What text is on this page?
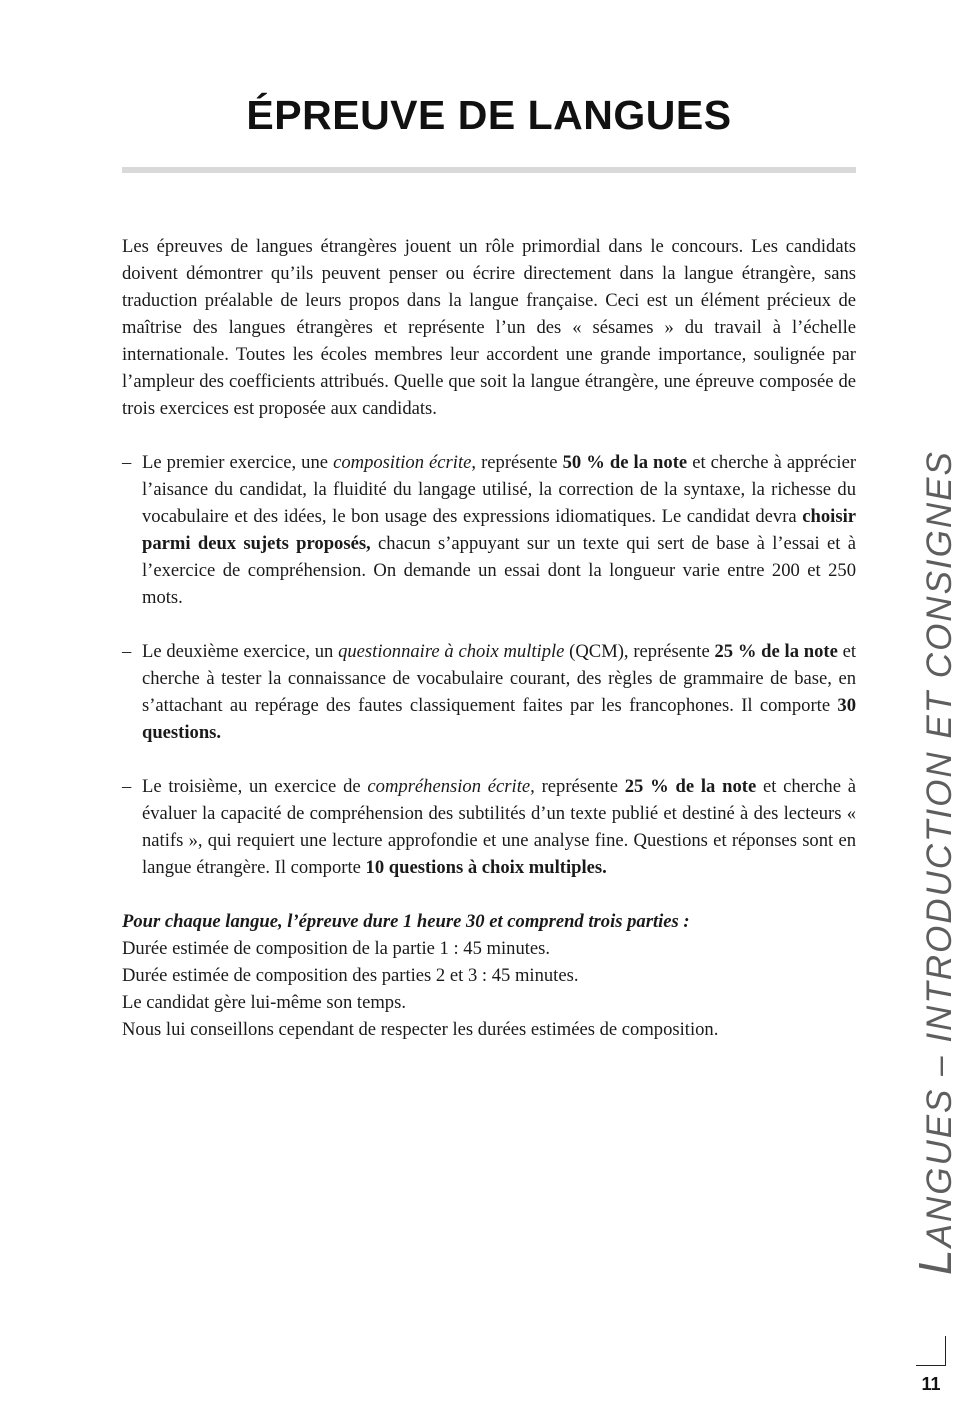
ÉPREUVE DE LANGUES

Les épreuves de langues étrangères jouent un rôle primordial dans le concours. Les candidats doivent démontrer qu’ils peuvent penser ou écrire directement dans la langue étrangère, sans traduction préalable de leurs propos dans la langue française. Ceci est un élément précieux de maîtrise des langues étrangères et représente l’un des « sésames » du travail à l’échelle internationale. Toutes les écoles membres leur accordent une grande importance, soulignée par l’ampleur des coefficients attribués. Quelle que soit la langue étrangère, une épreuve composée de trois exercices est proposée aux candidats.

– Le premier exercice, une composition écrite, représente 50 % de la note et cherche à apprécier l’aisance du candidat, la fluidité du langage utilisé, la correction de la syntaxe, la richesse du vocabulaire et des idées, le bon usage des expressions idiomatiques. Le candidat devra choisir parmi deux sujets proposés, chacun s’appuyant sur un texte qui sert de base à l’essai et à l’exercice de compréhension. On demande un essai dont la longueur varie entre 200 et 250 mots.
– Le deuxième exercice, un questionnaire à choix multiple (QCM), représente 25 % de la note et cherche à tester la connaissance de vocabulaire courant, des règles de grammaire de base, en s’attachant au repérage des fautes classiquement faites par les francophones. Il comporte 30 questions.
– Le troisième, un exercice de compréhension écrite, représente 25 % de la note et cherche à évaluer la capacité de compréhension des subtilités d’un texte publié et destiné à des lecteurs « natifs », qui requiert une lecture approfondie et une analyse fine. Questions et réponses sont en langue étrangère. Il comporte 10 questions à choix multiples.

Pour chaque langue, l’épreuve dure 1 heure 30 et comprend trois parties :

Durée estimée de composition de la partie 1 : 45 minutes.

Durée estimée de composition des parties 2 et 3 : 45 minutes.

Le candidat gère lui-même son temps.

Nous lui conseillons cependant de respecter les durées estimées de composition.

LANGUES – INTRODUCTION ET CONSIGNES
11
